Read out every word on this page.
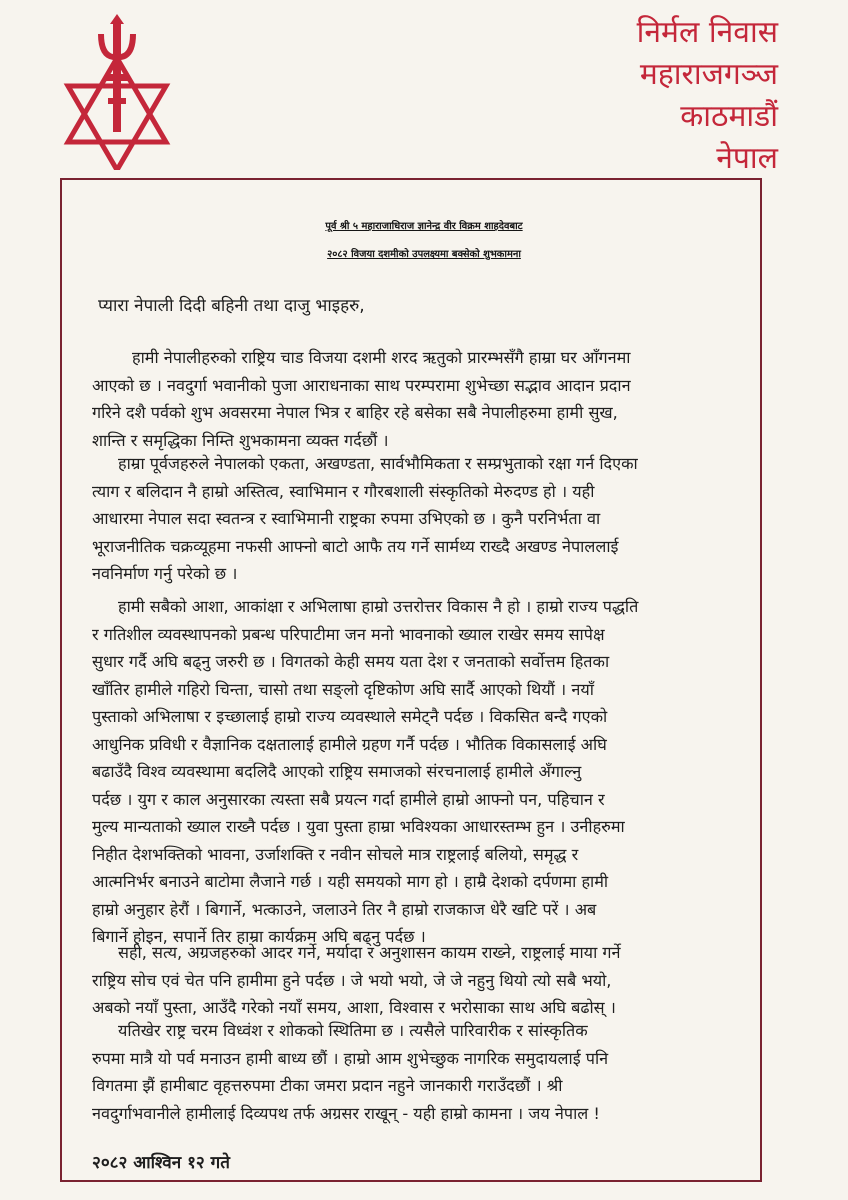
निर्मल निवास
महाराजगञ्ज
काठमाडौं
नेपाल
पूर्व श्री ५ महाराजाधिराज ज्ञानेन्द्र वीर विक्रम शाहदेवबाट
२०८२ विजया दशमीको उपलक्ष्यमा बक्सेको शुभकामना
प्यारा नेपाली दिदी बहिनी तथा दाजु भाइहरु,
हामी नेपालीहरुको राष्ट्रिय चाड विजया दशमी शरद ऋतुको प्रारम्भसँगै हाम्रा घर आँगनमा
आएको छ । नवदुर्गा भवानीको पुजा आराधनाका साथ परम्परामा शुभेच्छा सद्भाव आदान प्रदान
गरिने दशै पर्वको शुभ अवसरमा नेपाल भित्र र बाहिर रहे बसेका सबै नेपालीहरुमा हामी सुख,
शान्ति र समृद्धिका निम्ति शुभकामना व्यक्त गर्दछौं ।
हाम्रा पूर्वजहरुले नेपालको एकता, अखण्डता, सार्वभौमिकता र सम्प्रभुताको रक्षा गर्न दिएका
त्याग र बलिदान नै हाम्रो अस्तित्व, स्वाभिमान र गौरबशाली संस्कृतिको मेरुदण्ड हो । यही
आधारमा नेपाल सदा स्वतन्त्र र स्वाभिमानी राष्ट्रका रुपमा उभिएको छ । कुनै परनिर्भता वा
भूराजनीतिक चक्रव्यूहमा नफसी आफ्नो बाटो आफै तय गर्ने सार्मथ्य राख्दै अखण्ड नेपाललाई
नवनिर्माण गर्नु परेको छ ।
हामी सबैको आशा, आकांक्षा र अभिलाषा हाम्रो उत्तरोत्तर विकास नै हो । हाम्रो राज्य पद्धति
र गतिशील व्यवस्थापनको प्रबन्ध परिपाटीमा जन मनो भावनाको ख्याल राखेर समय सापेक्ष
सुधार गर्दै अघि बढ्नु जरुरी छ । विगतको केही समय यता देश र जनताको सर्वोत्तम हितका
खाँतिर हामीले गहिरो चिन्ता, चासो तथा सङ्लो दृष्टिकोण अघि सार्दै आएको थियौं । नयाँ
पुस्ताको अभिलाषा र इच्छालाई हाम्रो राज्य व्यवस्थाले समेट्नै पर्दछ । विकसित बन्दै गएको
आधुनिक प्रविधी र वैज्ञानिक दक्षतालाई हामीले ग्रहण गर्नै पर्दछ । भौतिक विकासलाई अघि
बढाउँदै विश्व व्यवस्थामा बदलिदै आएको राष्ट्रिय समाजको संरचनालाई हामीले अँगाल्नु
पर्दछ । युग र काल अनुसारका त्यस्ता सबै प्रयत्न गर्दा हामीले हाम्रो आफ्नो पन, पहिचान र
मुल्य मान्यताको ख्याल राख्नै पर्दछ । युवा पुस्ता हाम्रा भविश्यका आधारस्तम्भ हुन । उनीहरुमा
निहीत देशभक्तिको भावना, उर्जाशक्ति र नवीन सोचले मात्र राष्ट्रलाई बलियो, समृद्ध र
आत्मनिर्भर बनाउने बाटोमा लैजाने गर्छ । यही समयको माग हो । हाम्रै देशको दर्पणमा हामी
हाम्रो अनुहार हेरौं । बिगार्ने, भत्काउने, जलाउने तिर नै हाम्रो राजकाज धेरै खटि परें । अब
बिगार्ने होइन, सपार्ने तिर हाम्रा कार्यक्रम अघि बढ्नु पर्दछ ।
सही, सत्य, अग्रजहरुको आदर गर्ने, मर्यादा र अनुशासन कायम राख्ने, राष्ट्रलाई माया गर्ने
राष्ट्रिय सोच एवं चेत पनि हामीमा हुने पर्दछ । जे भयो भयो, जे जे नहुनु थियो त्यो सबै भयो,
अबको नयाँ पुस्ता, आउँदै गरेको नयाँ समय, आशा, विश्वास र भरोसाका साथ अघि बढोस् ।
यतिखेर राष्ट्र चरम विध्वंश र शोकको स्थितिमा छ । त्यसैले पारिवारीक र सांस्कृतिक
रुपमा मात्रै यो पर्व मनाउन हामी बाध्य छौं । हाम्रो आम शुभेच्छुक नागरिक समुदायलाई पनि
विगतमा झैं हामीबाट वृहत्तरुपमा टीका जमरा प्रदान नहुने जानकारी गराउँदछौं । श्री
नवदुर्गाभवानीले हामीलाई दिव्यपथ तर्फ अग्रसर राखून् - यही हाम्रो कामना । जय नेपाल !
२०८२ आश्विन १२ गते
